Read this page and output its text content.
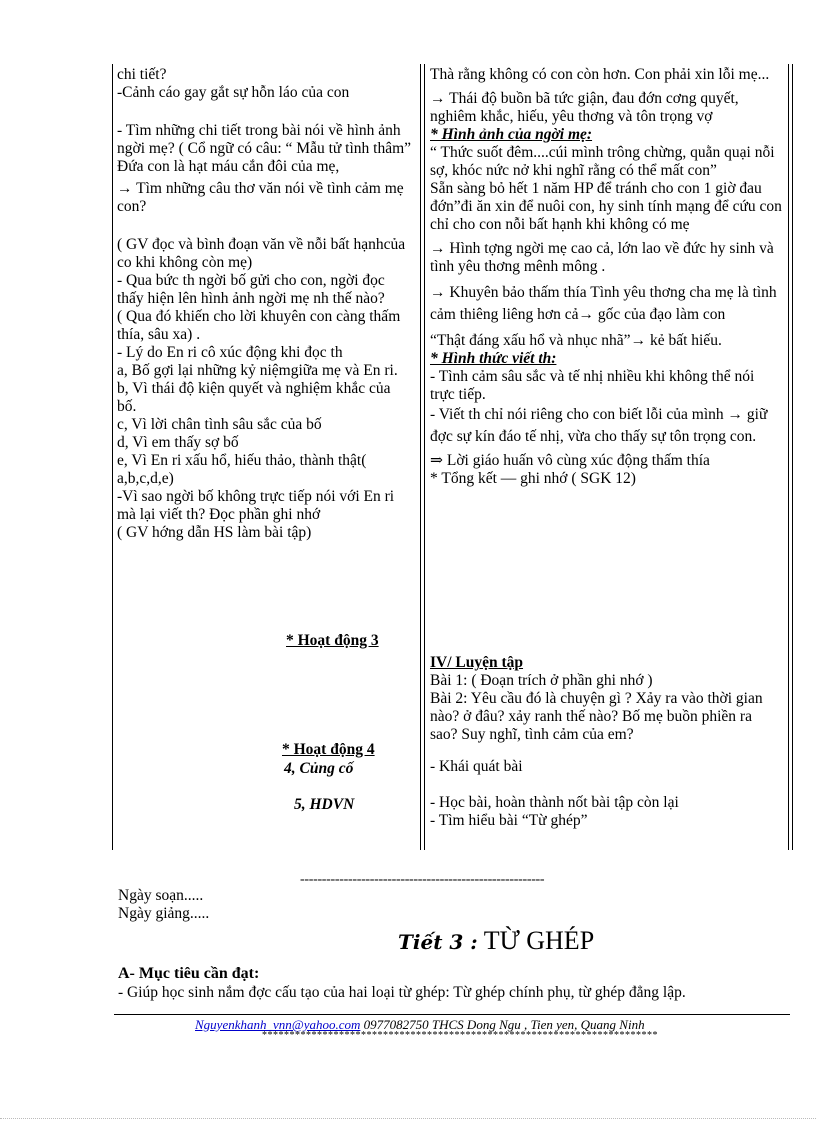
chi tiết?

-Cảnh cáo gay gắt sự hỗn láo của con

- Tìm những chi tiết trong bài nói về hình ảnh ngời mẹ? ( Cổ ngữ có câu: “ Mẫu tử tình thâm” Đứa con là hạt máu cắn đôi của mẹ,

→ Tìm những câu thơ văn nói về tình cảm mẹ con?

( GV đọc và bình đoạn văn về nỗi bất hạnhcủa co khi không còn mẹ)

- Qua bức th ngời bố gửi cho con, ngời đọc thấy hiện lên hình ảnh ngời mẹ nh thế nào?

( Qua đó khiến cho lời khuyên con càng thấm thía, sâu xa) .

- Lý do En ri cô xúc động khi đọc th

a, Bố gợi lại những kỷ niệmgiữa mẹ và En ri.

b, Vì thái độ kiện quyết và nghiệm khắc của bố.

c, Vì lời chân tình sâu sắc của bố

d, Vì em thấy sợ bố

e, Vì En ri xấu hổ, hiếu thảo, thành thật( a,b,c,d,e)

-Vì sao ngời bố không trực tiếp nói với En ri mà lại viết th? Đọc phần ghi nhớ

( GV hớng dẫn HS làm bài tập)

* Hoạt động 3
* Hoạt động 4
4, Củng cố
5, HDVN

Thà rằng không có con còn hơn. Con phải xin lỗi mẹ...

→ Thái độ buồn bã tức giận, đau đớn cơng quyết, nghiêm khắc, hiếu, yêu thơng và tôn trọng vợ

* Hình ảnh của ngời mẹ:

“ Thức suốt đêm....cúi mình trông chừng, quằn quại nỗi sợ, khóc nức nở khi nghĩ rằng có thể mất con”

Sẵn sàng bỏ hết 1 năm HP để tránh cho con 1 giờ đau đớn”đi ăn xin để nuôi con, hy sinh tính mạng để cứu con chỉ cho con nỗi bất hạnh khi không có mẹ

→ Hình tợng ngời mẹ cao cả, lớn lao về đức hy sinh và tình yêu thơng mênh mông .

→ Khuyên bảo thấm thía Tình yêu thơng cha mẹ là tình cảm thiêng liêng hơn cả→ gốc của đạo làm con

“Thật đáng xấu hổ và nhục nhã”→ kẻ bất hiếu.

* Hình thức viết th:

- Tình cảm sâu sắc và tế nhị nhiều khi không thể nói trực tiếp.

- Viết th chỉ nói riêng cho con biết lỗi của mình → giữ đợc sự kín đáo tế nhị, vừa cho thấy sự tôn trọng con.

⇒ Lời giáo huấn vô cùng xúc động thấm thía

* Tổng kết — ghi nhớ ( SGK 12)

IV/ Luyện tập

Bài 1: ( Đoạn trích ở phần ghi nhớ )

Bài 2: Yêu cầu đó là chuyện gì ? Xảy ra vào thời gian nào? ở đâu? xảy ranh thế nào? Bố mẹ buồn phiền ra sao? Suy nghĩ, tình cảm của em?

- Khái quát bài

- Học bài, hoàn thành nốt bài tập còn lại

- Tìm hiểu bài “Từ ghép”

--------------------------------------------------------
Ngày soạn.....
Ngày giảng.....
Tiết 3 : TỪ GHÉP
A- Mục tiêu cần đạt:
- Giúp học sinh nắm đợc cấu tạo của hai loại từ ghép: Từ ghép chính phụ, từ ghép đẳng lập.
Nguyenkhanh_vnn@yahoo.com 0977082750 THCS Dong Ngu , Tien yen, Quang Ninh
************************************************************************
